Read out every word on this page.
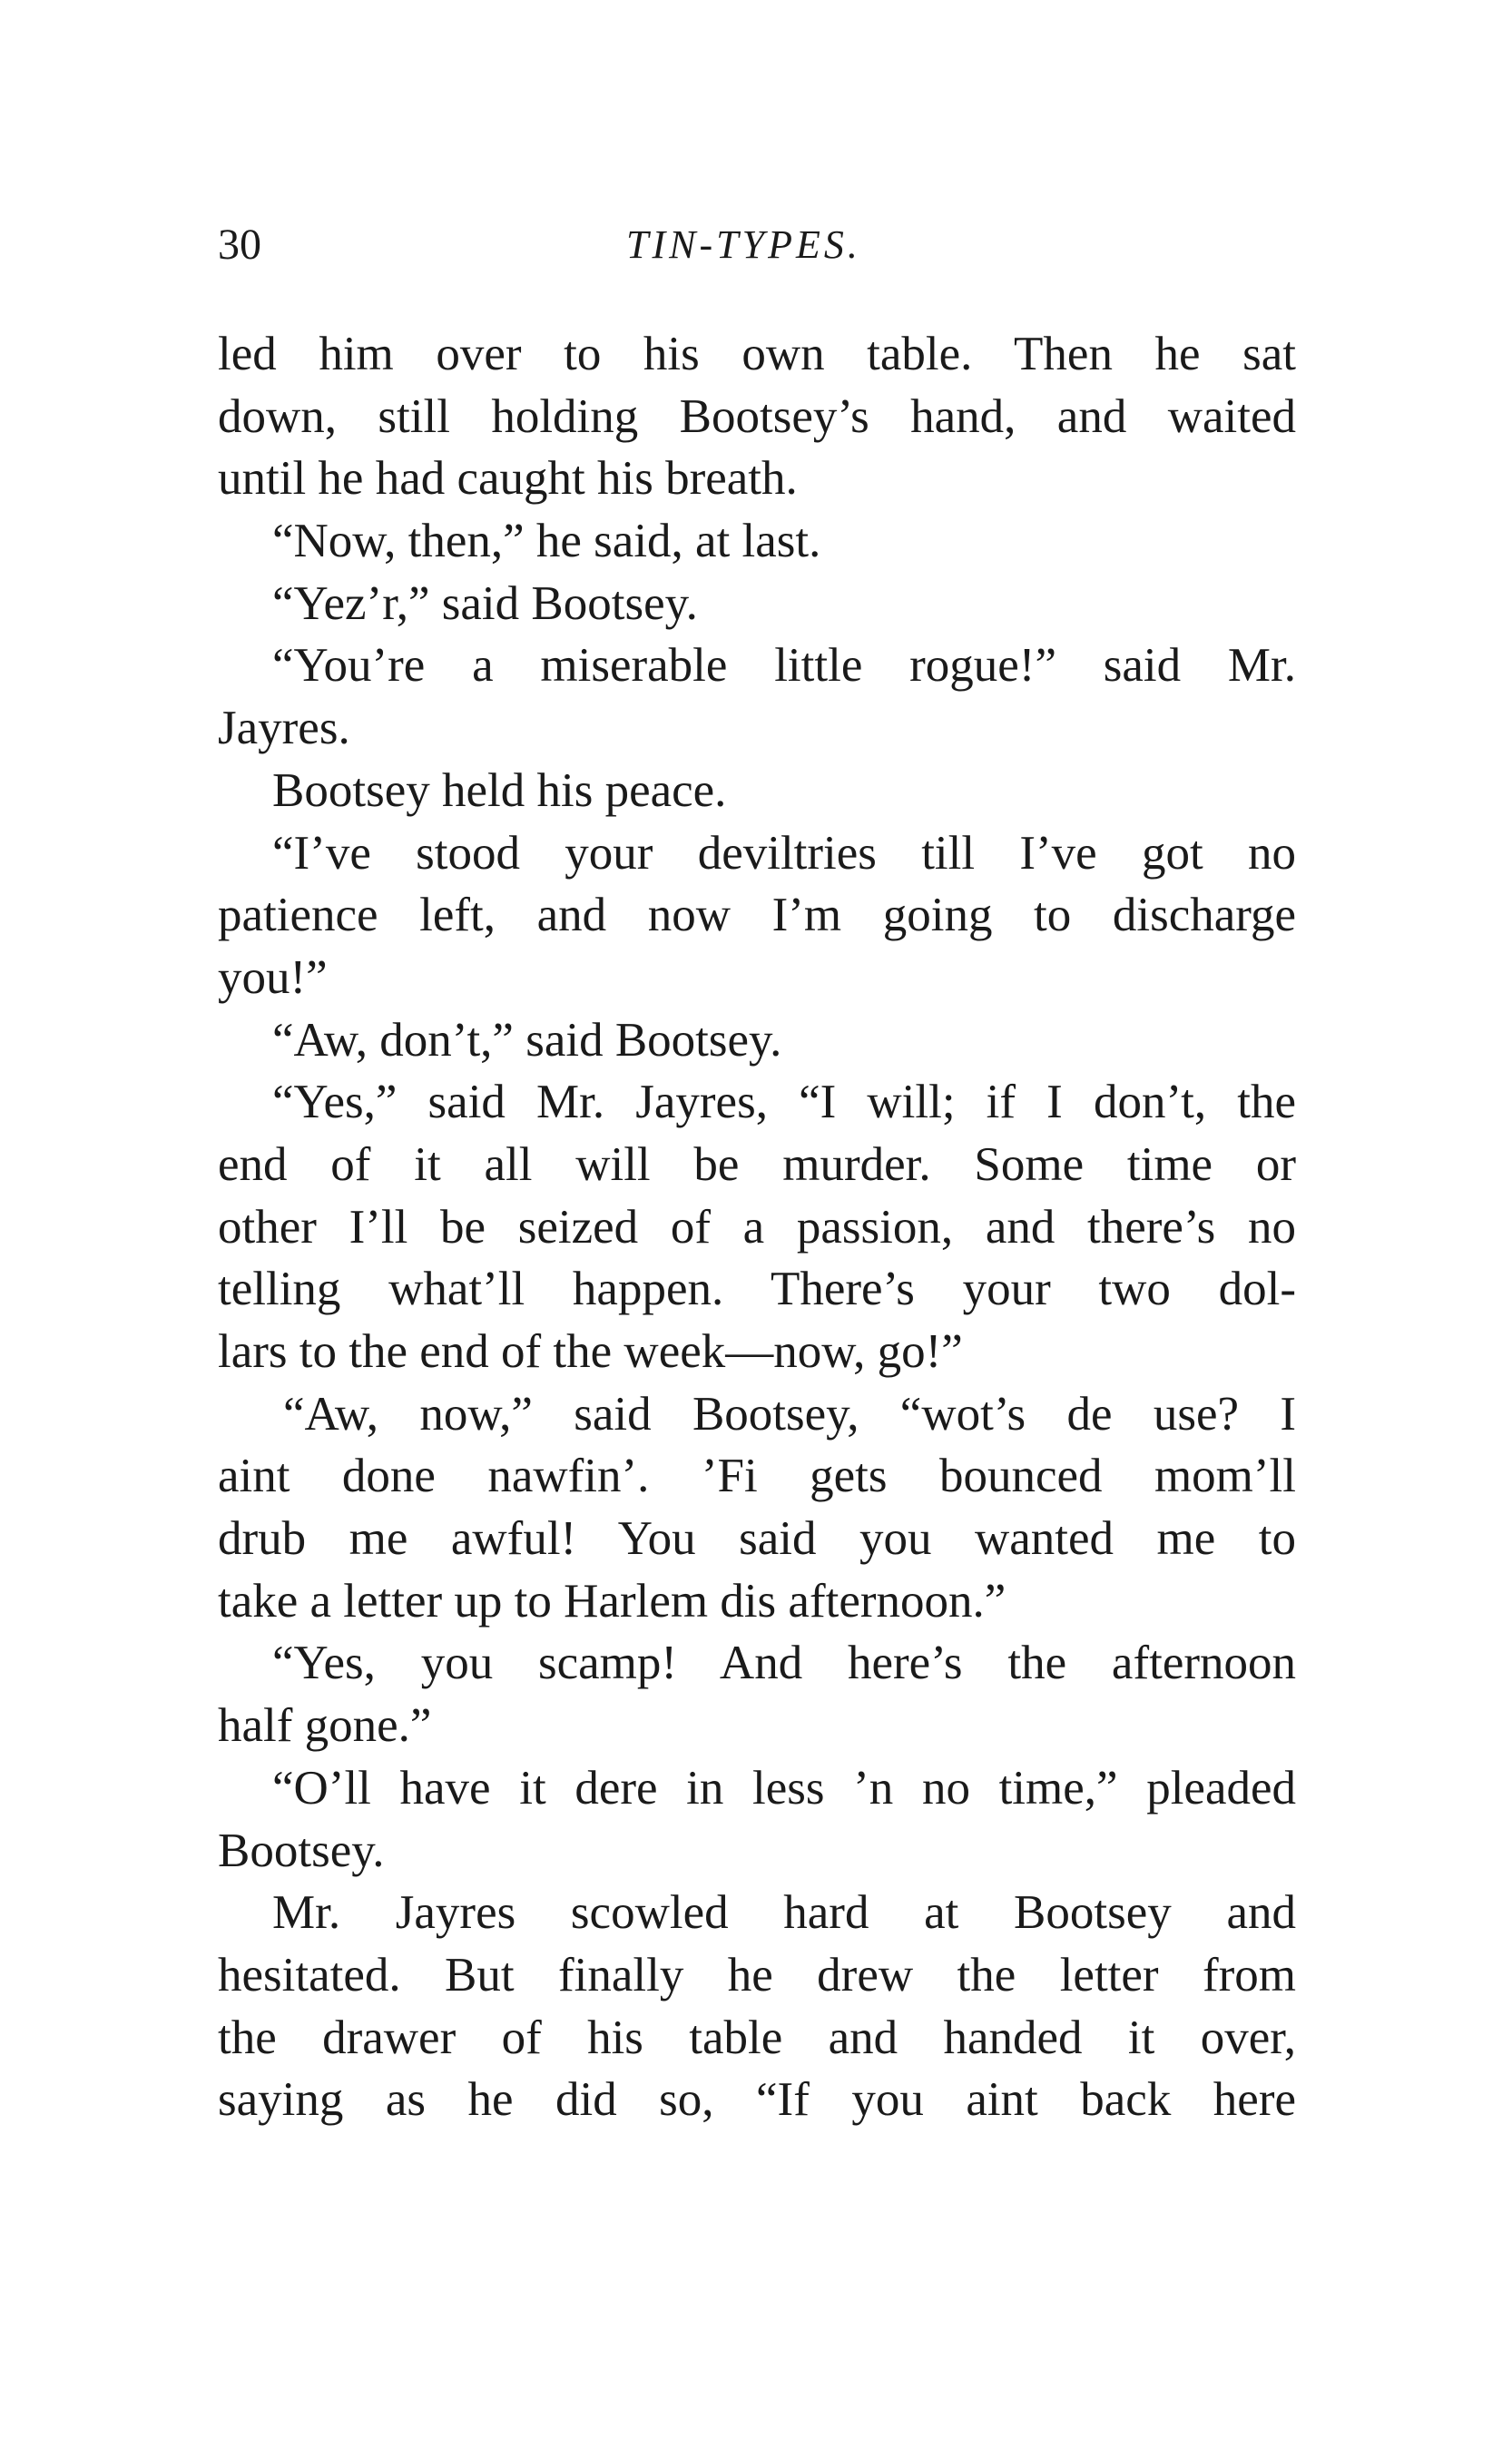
30	TIN-TYPES.
led him over to his own table. Then he sat
down, still holding Bootsey’s hand, and waited
until he had caught his breath.
“Now, then,” he said, at last.
“Yez’r,” said Bootsey.
“You’re a miserable little rogue!” said Mr.
Jayres.
Bootsey held his peace.
“I’ve stood your deviltries till I’ve got no
patience left, and now I’m going to discharge
you!”
“Aw, don’t,” said Bootsey.
“Yes,” said Mr. Jayres, “I will; if I don’t, the
end of it all will be murder. Some time or
other I’ll be seized of a passion, and there’s no
telling what’ll happen. There’s your two dol-
lars to the end of the week—now, go!”
“Aw, now,” said Bootsey, “wot’s de use? I
aint done nawfin’. ’Fi gets bounced mom’ll
drub me awful! You said you wanted me to
take a letter up to Harlem dis afternoon.”
“Yes, you scamp! And here’s the afternoon
half gone.”
“O’ll have it dere in less ’n no time,” pleaded
Bootsey.
Mr. Jayres scowled hard at Bootsey and
hesitated. But finally he drew the letter from
the drawer of his table and handed it over,
saying as he did so, “If you aint back here
